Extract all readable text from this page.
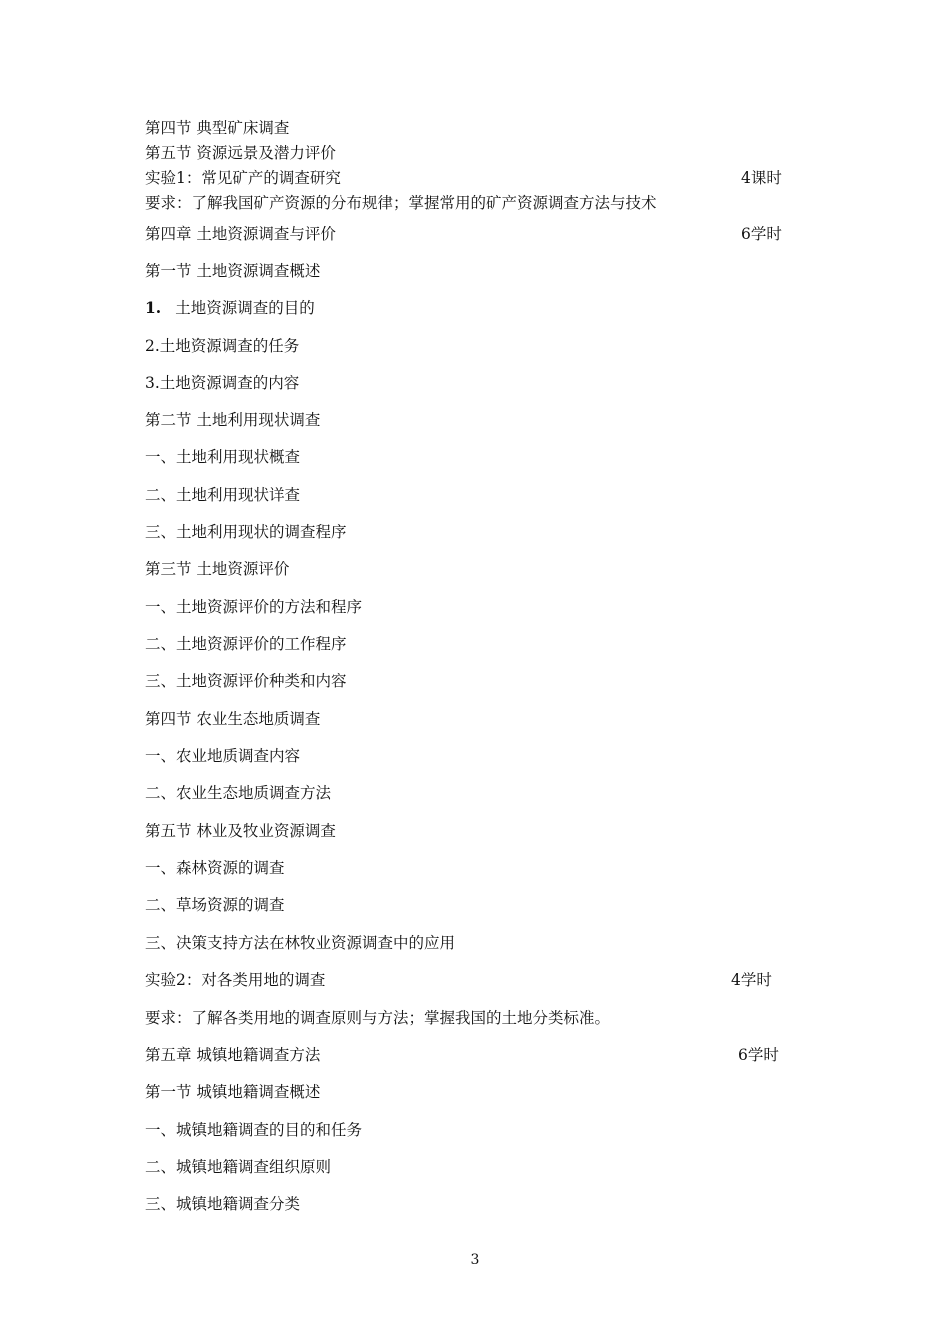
第四节 典型矿床调查
第五节 资源远景及潜力评价
实验1：常见矿产的调查研究	4课时
要求：了解我国矿产资源的分布规律；掌握常用的矿产资源调查方法与技术
第四章 土地资源调查与评价	6学时
第一节 土地资源调查概述
1. 土地资源调查的目的
2.土地资源调查的任务
3.土地资源调查的内容
第二节 土地利用现状调查
一、土地利用现状概查
二、土地利用现状详查
三、土地利用现状的调查程序
第三节 土地资源评价
一、土地资源评价的方法和程序
二、土地资源评价的工作程序
三、土地资源评价种类和内容
第四节 农业生态地质调查
一、农业地质调查内容
二、农业生态地质调查方法
第五节 林业及牧业资源调查
一、森林资源的调查
二、草场资源的调查
三、决策支持方法在林牧业资源调查中的应用
实验2：对各类用地的调查	4学时
要求：了解各类用地的调查原则与方法；掌握我国的土地分类标准。
第五章 城镇地籍调查方法	6学时
第一节 城镇地籍调查概述
一、城镇地籍调查的目的和任务
二、城镇地籍调查组织原则
三、城镇地籍调查分类
3
